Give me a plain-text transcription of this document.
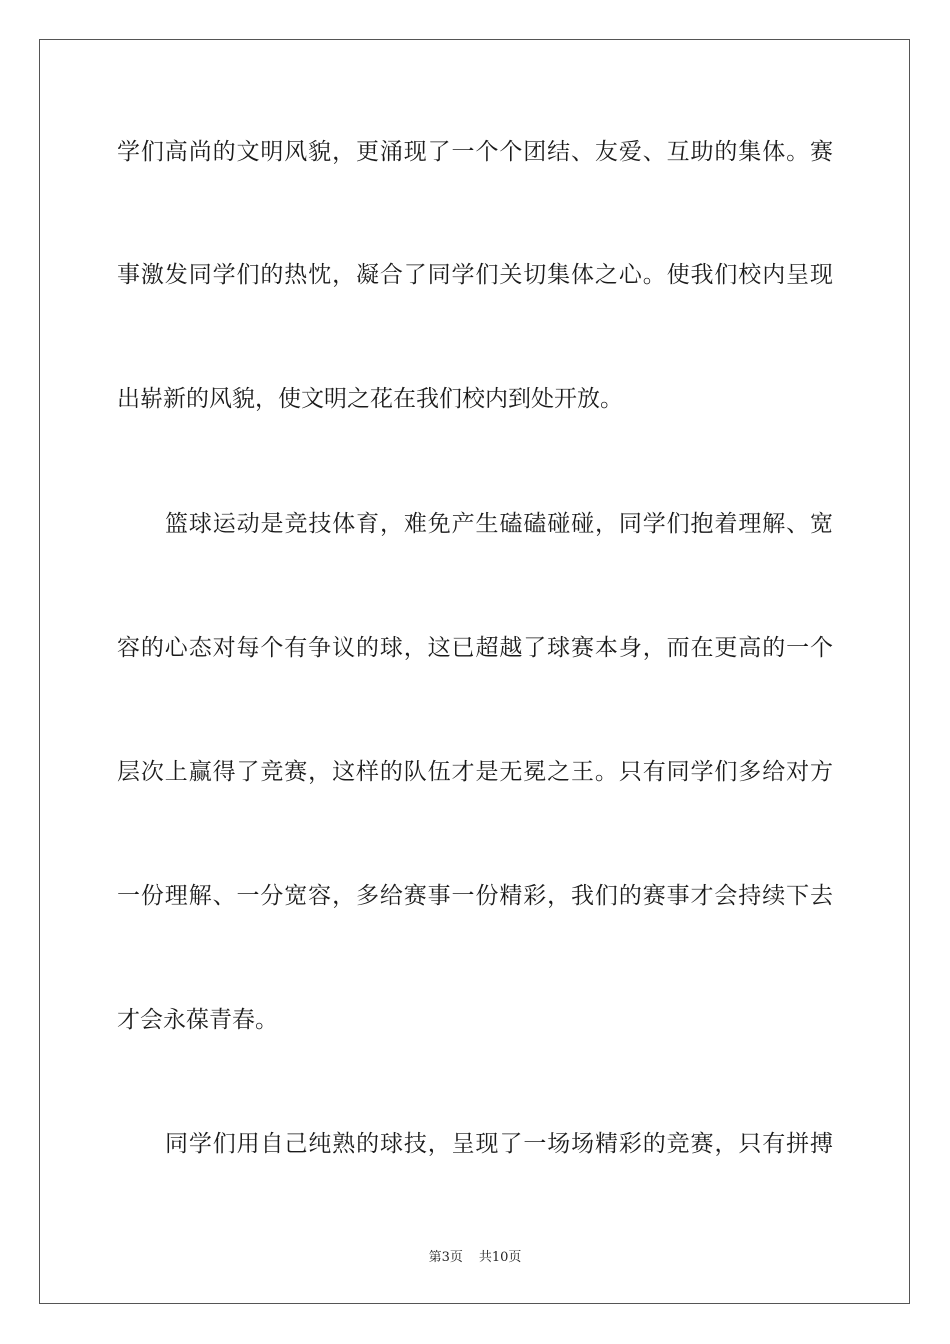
学们高尚的文明风貌，更涌现了一个个团结、友爱、互助的集体。赛
事激发同学们的热忱，凝合了同学们关切集体之心。使我们校内呈现
出崭新的风貌，使文明之花在我们校内到处开放。
篮球运动是竞技体育，难免产生磕磕碰碰，同学们抱着理解、宽
容的心态对每个有争议的球，这已超越了球赛本身，而在更高的一个
层次上赢得了竞赛，这样的队伍才是无冕之王。只有同学们多给对方
一份理解、一分宽容，多给赛事一份精彩，我们的赛事才会持续下去
才会永葆青春。
同学们用自己纯熟的球技，呈现了一场场精彩的竞赛，只有拼搏
第3页 共10页
